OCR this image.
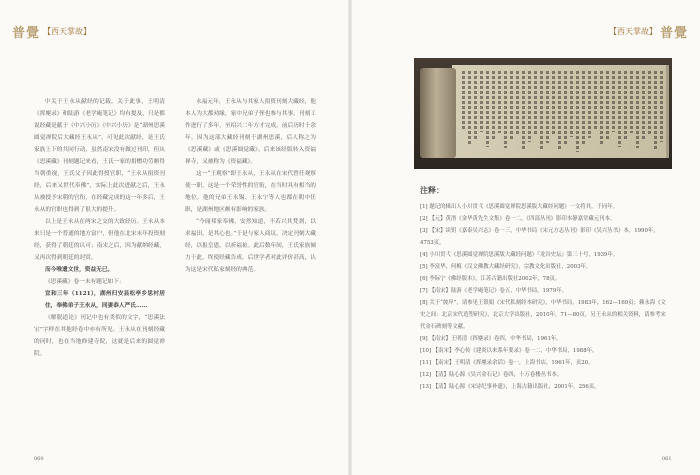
普覺 【西天掌故】

中关于王永从献经的记载。关于此事，王明清《挥麈录》和陆游《老学庵笔记》均有提及，只是都说经藏是献于《中兴小历》《中兴小历》是“湖州思溪圆觉禅院后大藏经王永从”，可见此次献经，是王氏家族上下的共同行动，虽然南宋没有做过刊印，但从《思溪藏》刊刻题记来看，王氏一家的捐赠功劳颇得当朝重视，王氏父子因此得授官职，“王永从捐资刊经，后来又世代奉佛”，实际上此次进献之后，王永从被授予宋朝的官衔，在经藏完成的这一年多后，王永从的官职也得到了很大的提升。

以上是王永从在两宋之交的大致经历。王永从本来只是一个普通的地方富户，但他在北宋末年投资刻经，获得了朝廷的认可；南宋之后，因为献纳经藏，又再次得到朝廷的封赏。

而今唯遗文世，资益无已。

《思溪藏》卷一末有题记如下：

宣和三年（1121），湖州归安县松亭乡思村居住，奉佛弟子王永从，同妻恭人严氏……

《解脱道论》刊记中也有类似的文字，“思溪法宝”字样在其他经卷中亦有所见。王永从在刊刻经藏的同时，也在当地修建寺院，这就是后来的圆觉禅院。

永福元年，王永从与其家人捐资刊刻大藏经，他本人为大都劝缘，家中兄弟子侄也参与其事。刊刻工作进行了多年，至绍兴二年方才完成，前后历时十余年。因为这部大藏经刊刻于湖州思溪，后人称之为《思溪藏》或《思溪圆觉藏》。后来该经版转入资福禅寺，又被称为《资福藏》。

这一“王观察”即王永从，王永从在宋代曾任观察使一职，这是一个荣誉性的官衔，在当时具有相当的地位。他的兄弟王永锡、王永宁等人也都在朝中任职，是湖州地区颇有影响的家族。

“今闻邦家奉佛，安然知道，不若兴其梵刹，以求福田，是其心也。”于是与家人商议，决定刊刻大藏经，以报皇恩，以祈福祉。此后数年间，王氏家族倾力于此，终使经藏告成。后世学者对此评价甚高，认为这是宋代私家刻经的典范。

060
【西天掌故】 普覺
注释：

[1] 题记的辑出人小川贯弌《思溪圆觉禅院思溪版大藏经问题》一文将其，于同年。

[2] 【元】黄溍《金华黄先生文集》卷一二，《四部丛刊》影印本静嘉堂藏元刊本。

[3] 【宋】谈钥《嘉泰吴兴志》卷一三，中华书局《宋元方志丛刊》影印《吴兴丛书》本，1990年，4753页。

[4] 小川贯弌《思溪圆觉禅院思溪版大藏经问题》『龙谷史坛』第三十号，1939年。

[5] 李富华、何梅《汉文佛教大藏经研究》，宗教文化出版社，2003年。

[6] 李际宁《佛经版本》，江苏古籍出版社2002年，78页。

[7] 【南宋】陆游《老学庵笔记》卷五，中华书局，1979年。

[8] 关于“彼岸”，请参见王银娟《宋代私刻经本研究》，中华书局，1983年，162—169页；赖永海《文史之间：北京宋代造塑研究》，北京大学出版社，2010年，71—80页。另王永从的相关资料，请参考宋代金石碑刻等文献。

[9] 【南宋】王明清《挥麈录》卷四，中华书局，1961年。

[10] 【南宋】李心传《建炎以来系年要录》卷一二，中华书局，1988年。

[11] 【南宋】王明清《挥麈录余话》卷一，上海书店，1961年，页20。

[12] 【清】陆心源《吴兴金石记》卷四，十万卷楼丛书本。

[13] 【清】陆心源《宋诗纪事补遗》，上海古籍出版社，2001年，256页。

061
